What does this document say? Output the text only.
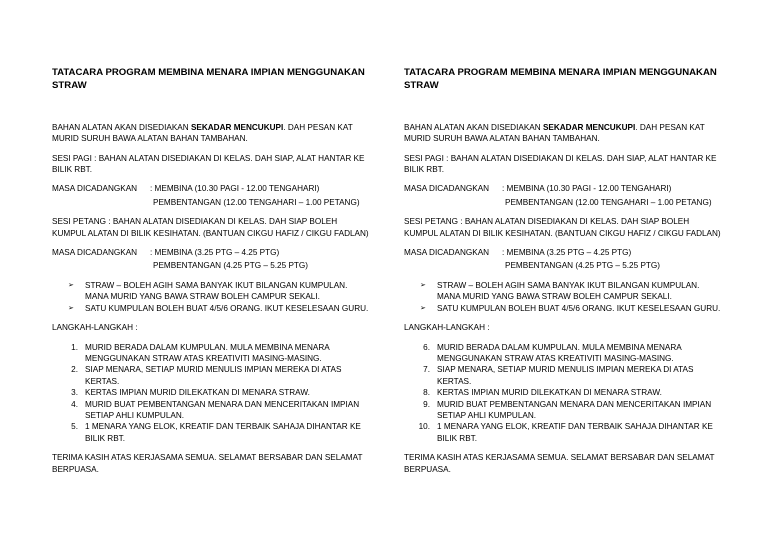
TATACARA PROGRAM MEMBINA MENARA IMPIAN MENGGUNAKAN STRAW
BAHAN ALATAN AKAN DISEDIAKAN SEKADAR MENCUKUPI. DAH PESAN KAT MURID SURUH BAWA ALATAN BAHAN TAMBAHAN.
SESI PAGI : BAHAN ALATAN DISEDIAKAN DI KELAS. DAH SIAP, ALAT HANTAR KE BILIK RBT.
MASA DICADANGKAN	: MEMBINA (10.30 PAGI - 12.00 TENGAHARI)
PEMBENTANGAN (12.00 TENGAHARI – 1.00 PETANG)
SESI PETANG : BAHAN ALATAN DISEDIAKAN DI KELAS. DAH SIAP BOLEH KUMPUL ALATAN DI BILIK KESIHATAN. (BANTUAN CIKGU HAFIZ / CIKGU FADLAN)
MASA DICADANGKAN	: MEMBINA (3.25 PTG – 4.25 PTG)
PEMBENTANGAN (4.25 PTG – 5.25 PTG)
➢ STRAW – BOLEH AGIH SAMA BANYAK IKUT BILANGAN KUMPULAN. MANA MURID YANG BAWA STRAW BOLEH CAMPUR SEKALI.
➢ SATU KUMPULAN BOLEH BUAT 4/5/6 ORANG. IKUT KESELESAAN GURU.
LANGKAH-LANGKAH :
1. MURID BERADA DALAM KUMPULAN. MULA MEMBINA MENARA MENGGUNAKAN STRAW ATAS KREATIVITI MASING-MASING.
2. SIAP MENARA, SETIAP MURID MENULIS IMPIAN MEREKA DI ATAS KERTAS.
3. KERTAS IMPIAN MURID DILEKATKAN DI MENARA STRAW.
4. MURID BUAT PEMBENTANGAN MENARA DAN MENCERITAKAN IMPIAN SETIAP AHLI KUMPULAN.
5. 1 MENARA YANG ELOK, KREATIF DAN TERBAIK SAHAJA DIHANTAR KE BILIK RBT.
TERIMA KASIH ATAS KERJASAMA SEMUA. SELAMAT BERSABAR DAN SELAMAT BERPUASA.
TATACARA PROGRAM MEMBINA MENARA IMPIAN MENGGUNAKAN STRAW
BAHAN ALATAN AKAN DISEDIAKAN SEKADAR MENCUKUPI. DAH PESAN KAT MURID SURUH BAWA ALATAN BAHAN TAMBAHAN.
SESI PAGI : BAHAN ALATAN DISEDIAKAN DI KELAS. DAH SIAP, ALAT HANTAR KE BILIK RBT.
MASA DICADANGKAN	: MEMBINA (10.30 PAGI - 12.00 TENGAHARI)
PEMBENTANGAN (12.00 TENGAHARI – 1.00 PETANG)
SESI PETANG : BAHAN ALATAN DISEDIAKAN DI KELAS. DAH SIAP BOLEH KUMPUL ALATAN DI BILIK KESIHATAN. (BANTUAN CIKGU HAFIZ / CIKGU FADLAN)
MASA DICADANGKAN	: MEMBINA (3.25 PTG – 4.25 PTG)
PEMBENTANGAN (4.25 PTG – 5.25 PTG)
➢ STRAW – BOLEH AGIH SAMA BANYAK IKUT BILANGAN KUMPULAN. MANA MURID YANG BAWA STRAW BOLEH CAMPUR SEKALI.
➢ SATU KUMPULAN BOLEH BUAT 4/5/6 ORANG. IKUT KESELESAAN GURU.
LANGKAH-LANGKAH :
6. MURID BERADA DALAM KUMPULAN. MULA MEMBINA MENARA MENGGUNAKAN STRAW ATAS KREATIVITI MASING-MASING.
7. SIAP MENARA, SETIAP MURID MENULIS IMPIAN MEREKA DI ATAS KERTAS.
8. KERTAS IMPIAN MURID DILEKATKAN DI MENARA STRAW.
9. MURID BUAT PEMBENTANGAN MENARA DAN MENCERITAKAN IMPIAN SETIAP AHLI KUMPULAN.
10. 1 MENARA YANG ELOK, KREATIF DAN TERBAIK SAHAJA DIHANTAR KE BILIK RBT.
TERIMA KASIH ATAS KERJASAMA SEMUA. SELAMAT BERSABAR DAN SELAMAT BERPUASA.
